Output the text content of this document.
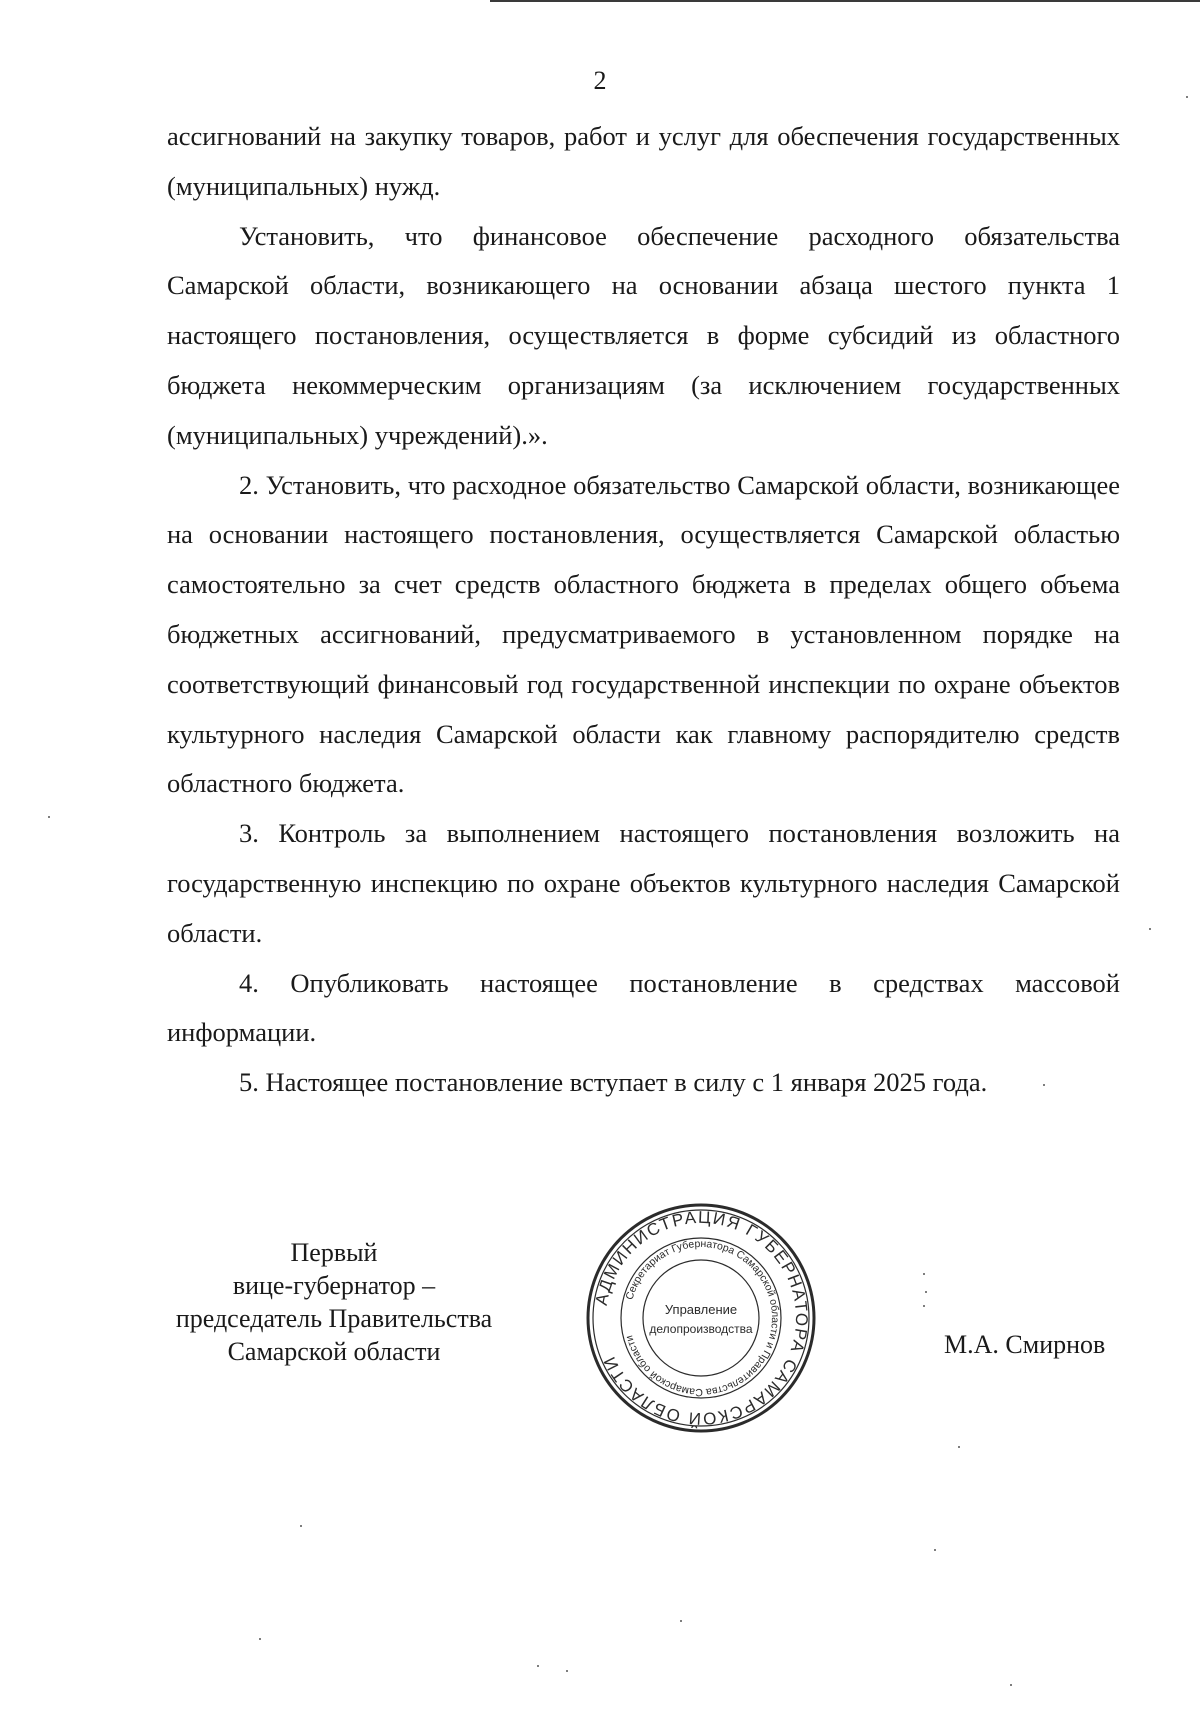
2

ассигнований на закупку товаров, работ и услуг для обеспечения государственных (муниципальных) нужд.

Установить, что финансовое обеспечение расходного обязательства Самарской области, возникающего на основании абзаца шестого пункта 1 настоящего постановления, осуществляется в форме субсидий из областного бюджета некоммерческим организациям (за исключением государственных (муниципальных) учреждений).».

2. Установить, что расходное обязательство Самарской области, возникающее на основании настоящего постановления, осуществляется Самарской областью самостоятельно за счет средств областного бюджета в пределах общего объема бюджетных ассигнований, предусматриваемого в установленном порядке на соответствующий финансовый год государственной инспекции по охране объектов культурного наследия Самарской области как главному распорядителю средств областного бюджета.

3. Контроль за выполнением настоящего постановления возложить на государственную инспекцию по охране объектов культурного наследия Самарской области.

4. Опубликовать настоящее постановление в средствах массовой информации.

5. Настоящее постановление вступает в силу с 1 января 2025 года.

Первый
вице-губернатор –
председатель Правительства
Самарской области
АДМИНИСТРАЦИЯ ГУБЕРНАТОРА САМАРСКОЙ ОБЛАСТИ
Секретариат Губернатора Самарской области и Правительства Самарской области
Управление
делопроизводства
М.А. Смирнов
